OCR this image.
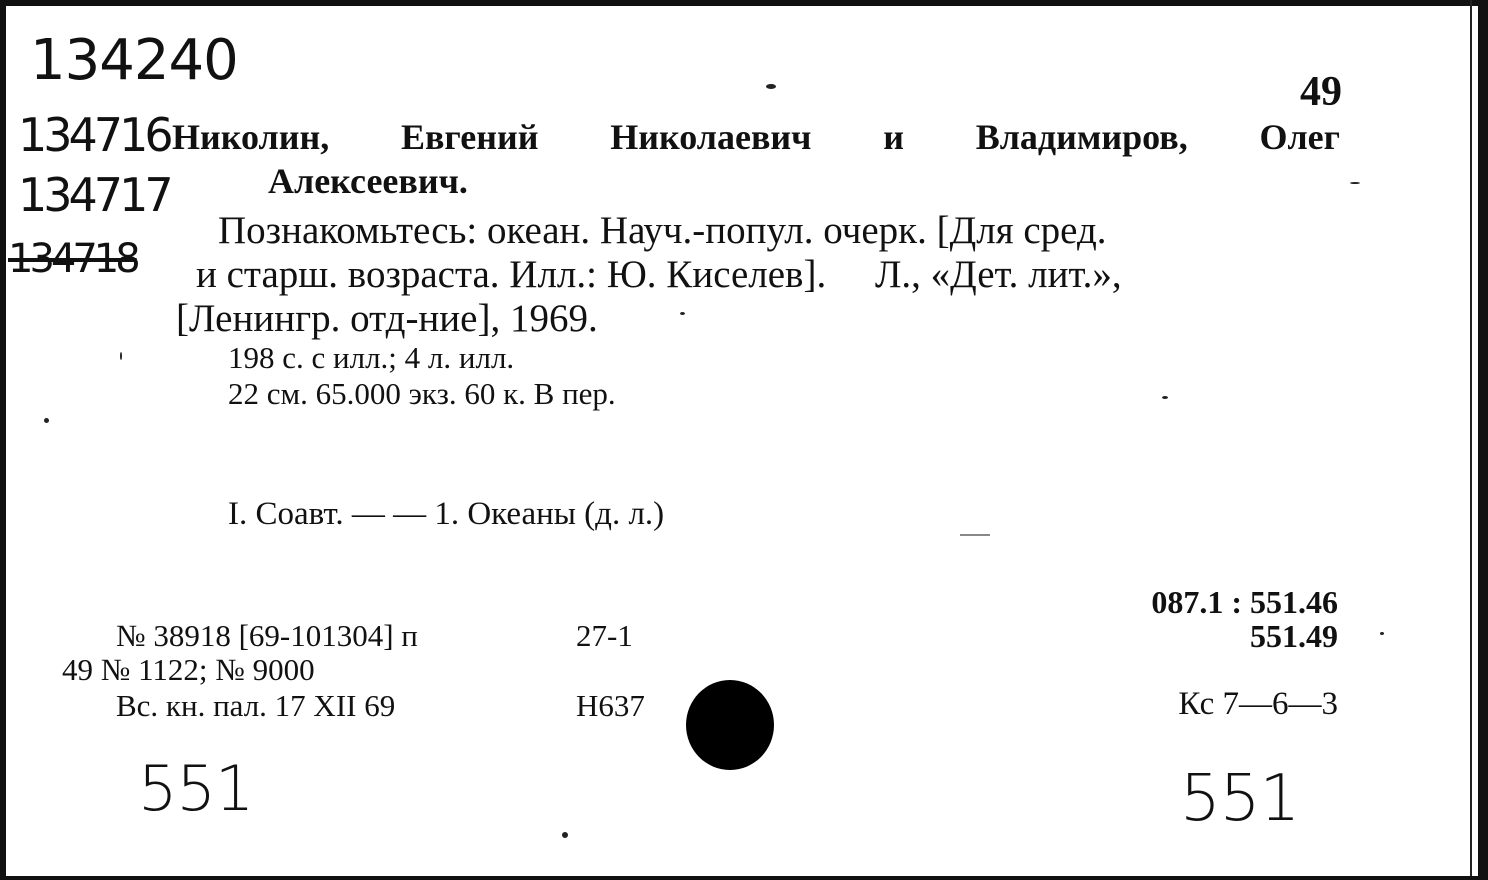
134240
134716
134717
134718
49
Николин, Евгений Николаевич и Владимиров, Олег
Алексеевич.
Познакомьтесь: океан. Науч.-попул. очерк. [Для сред.
и старш. возраста. Илл.: Ю. Киселев].     Л., «Дет. лит.»,
[Ленингр. отд-ние], 1969.
198 с. с илл.; 4 л. илл.
22 см. 65.000 экз. 60 к. В пер.
I. Соавт. — — 1. Океаны (д. л.)
№ 38918 [69-101304] п
49 № 1122; № 9000
Вс. кн. пал. 17 XII 69
27-1
Н637
087.1 : 551.46
551.49
Кс 7—6—3
551	551
